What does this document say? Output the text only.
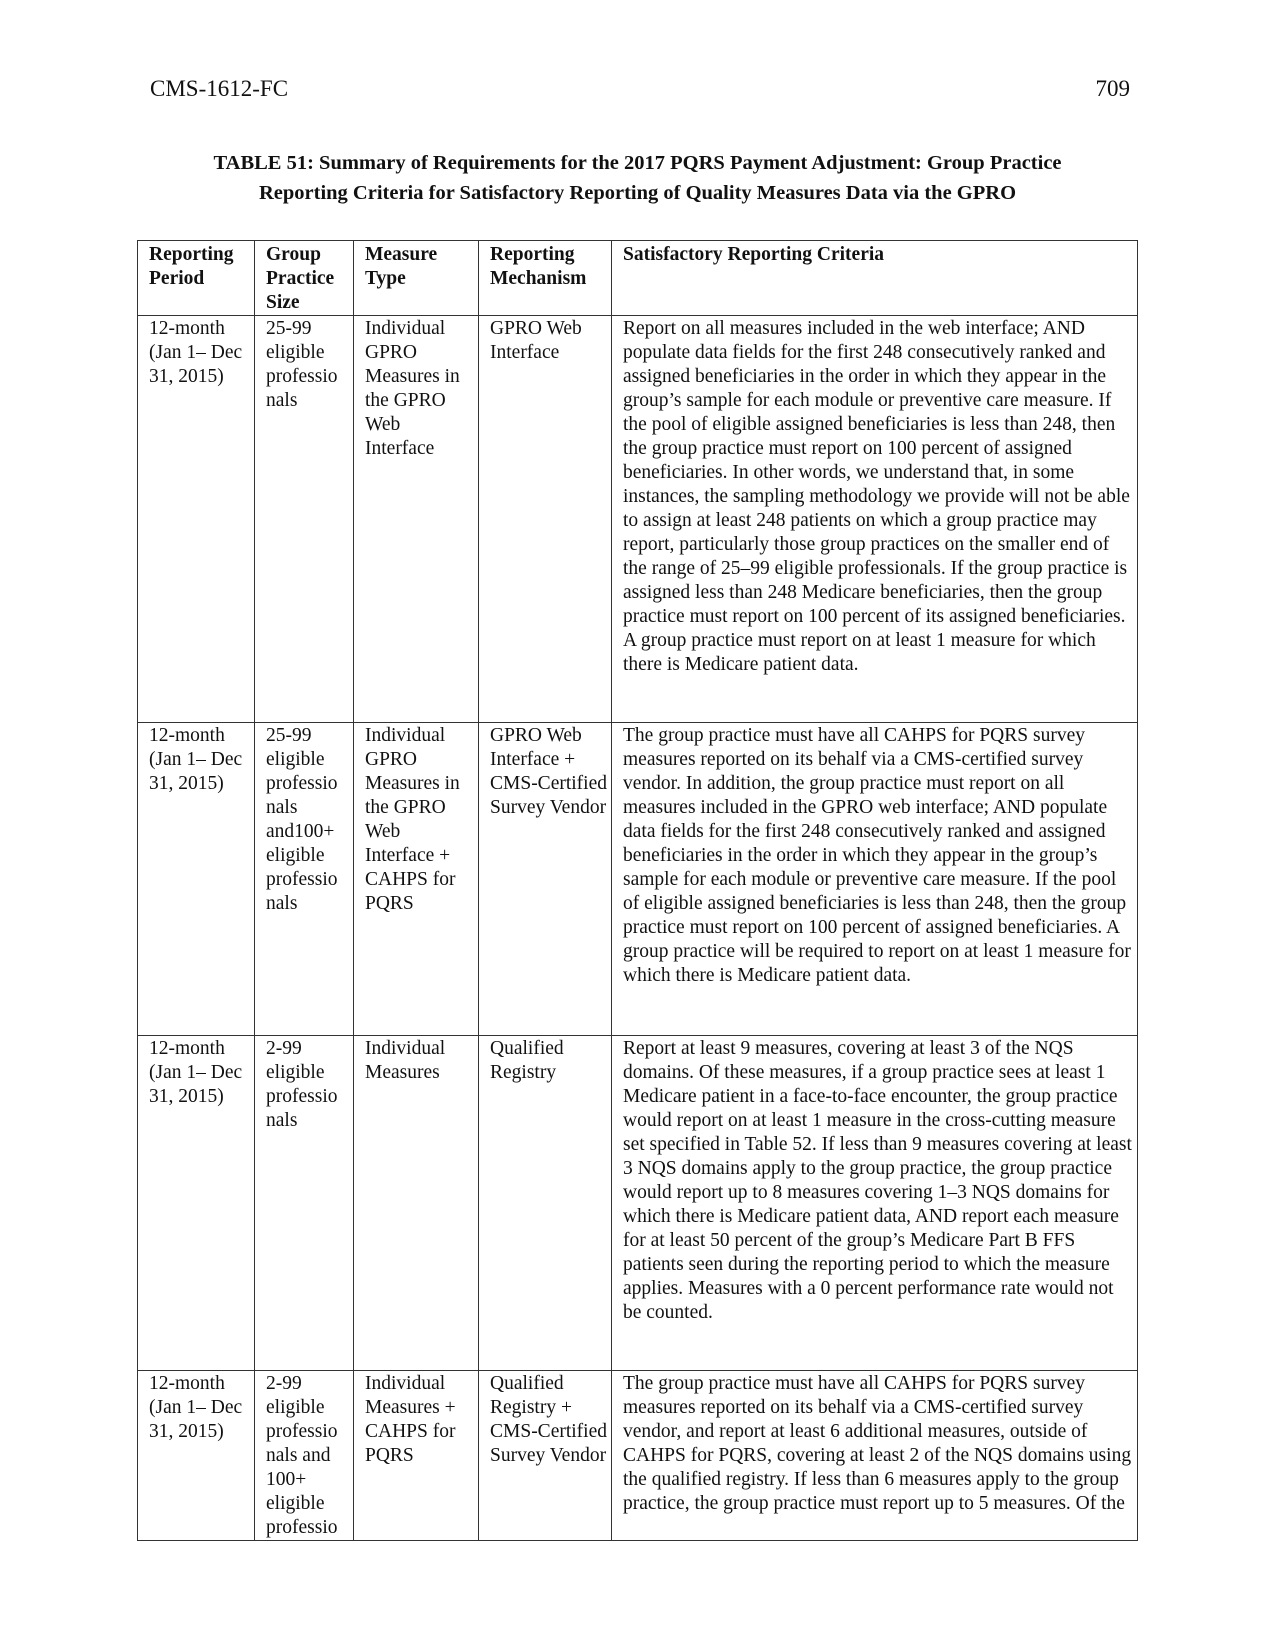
CMS-1612-FC	709
TABLE 51: Summary of Requirements for the 2017 PQRS Payment Adjustment: Group Practice
Reporting Criteria for Satisfactory Reporting of Quality Measures Data via the GPRO
Reporting Period	Group Practice Size	Measure Type	Reporting Mechanism	Satisfactory Reporting Criteria
12-month (Jan 1– Dec 31, 2015)	25-99 eligible professio nals	Individual GPRO Measures in the GPRO Web Interface	GPRO Web Interface	Report on all measures included in the web interface; AND populate data fields for the first 248 consecutively ranked and assigned beneficiaries in the order in which they appear in the group’s sample for each module or preventive care measure. If the pool of eligible assigned beneficiaries is less than 248, then the group practice must report on 100 percent of assigned beneficiaries. In other words, we understand that, in some instances, the sampling methodology we provide will not be able to assign at least 248 patients on which a group practice may report, particularly those group practices on the smaller end of the range of 25–99 eligible professionals. If the group practice is assigned less than 248 Medicare beneficiaries, then the group practice must report on 100 percent of its assigned beneficiaries. A group practice must report on at least 1 measure for which there is Medicare patient data.
12-month (Jan 1– Dec 31, 2015)	25-99 eligible professio nals and100+ eligible professio nals	Individual GPRO Measures in the GPRO Web Interface + CAHPS for PQRS	GPRO Web Interface + CMS-Certified Survey Vendor	The group practice must have all CAHPS for PQRS survey measures reported on its behalf via a CMS-certified survey vendor. In addition, the group practice must report on all measures included in the GPRO web interface; AND populate data fields for the first 248 consecutively ranked and assigned beneficiaries in the order in which they appear in the group’s sample for each module or preventive care measure. If the pool of eligible assigned beneficiaries is less than 248, then the group practice must report on 100 percent of assigned beneficiaries. A group practice will be required to report on at least 1 measure for which there is Medicare patient data.
12-month (Jan 1– Dec 31, 2015)	2-99 eligible professio nals	Individual Measures	Qualified Registry	Report at least 9 measures, covering at least 3 of the NQS domains. Of these measures, if a group practice sees at least 1 Medicare patient in a face-to-face encounter, the group practice would report on at least 1 measure in the cross-cutting measure set specified in Table 52. If less than 9 measures covering at least 3 NQS domains apply to the group practice, the group practice would report up to 8 measures covering 1–3 NQS domains for which there is Medicare patient data, AND report each measure for at least 50 percent of the group’s Medicare Part B FFS patients seen during the reporting period to which the measure applies. Measures with a 0 percent performance rate would not be counted.
12-month (Jan 1– Dec 31, 2015)	2-99 eligible professio nals and 100+ eligible professio	Individual Measures + CAHPS for PQRS	Qualified Registry + CMS-Certified Survey Vendor	The group practice must have all CAHPS for PQRS survey measures reported on its behalf via a CMS-certified survey vendor, and report at least 6 additional measures, outside of CAHPS for PQRS, covering at least 2 of the NQS domains using the qualified registry. If less than 6 measures apply to the group practice, the group practice must report up to 5 measures. Of the
